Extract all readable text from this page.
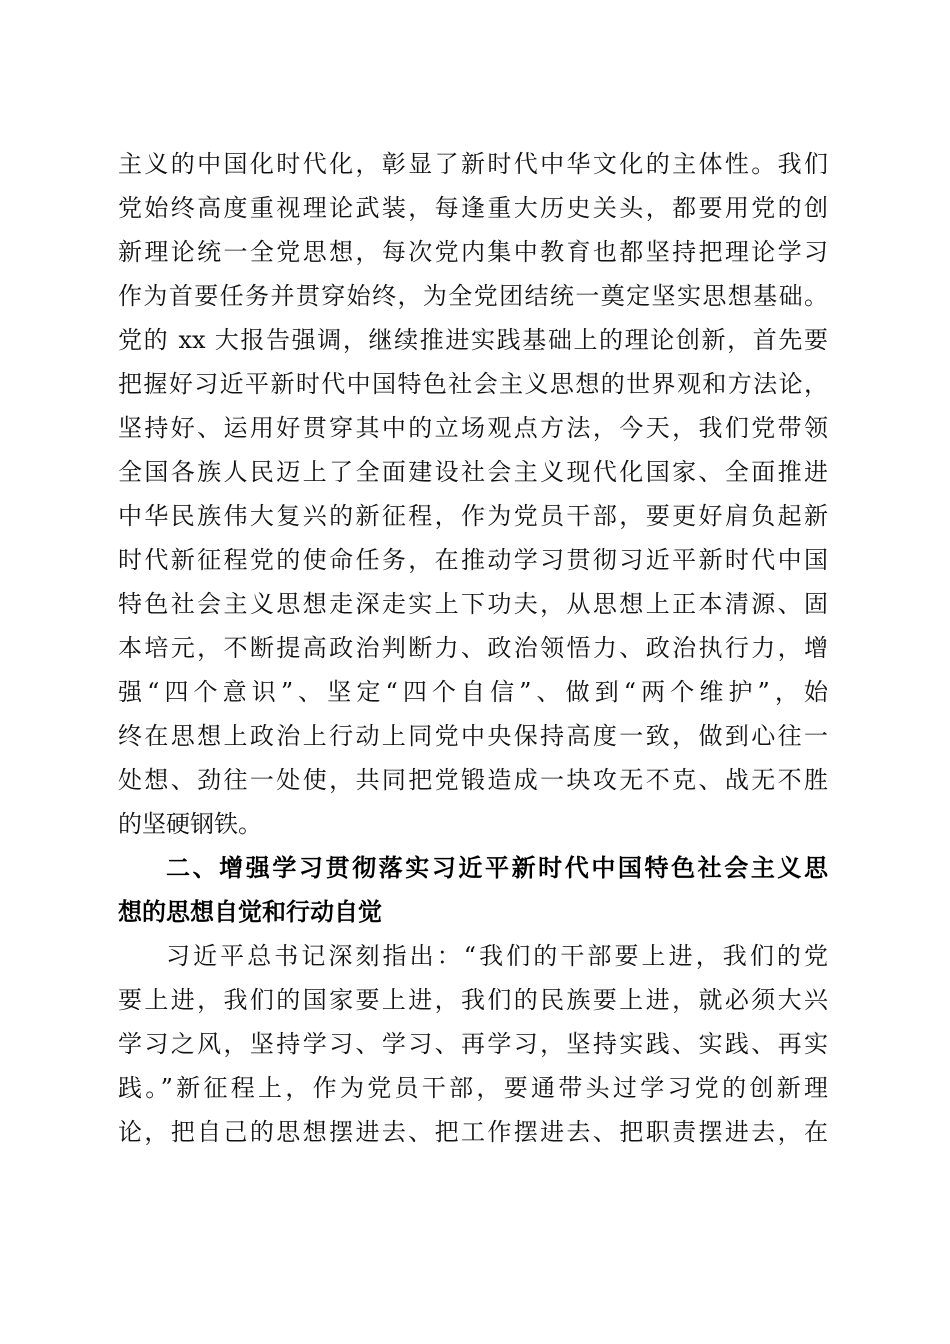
主义的中国化时代化，彰显了新时代中华文化的主体性。我们
党始终高度重视理论武装，每逢重大历史关头，都要用党的创
新理论统一全党思想，每次党内集中教育也都坚持把理论学习
作为首要任务并贯穿始终，为全党团结统一奠定坚实思想基础。
党的 xx 大报告强调，继续推进实践基础上的理论创新，首先要
把握好习近平新时代中国特色社会主义思想的世界观和方法论，
坚持好、运用好贯穿其中的立场观点方法，今天，我们党带领
全国各族人民迈上了全面建设社会主义现代化国家、全面推进
中华民族伟大复兴的新征程，作为党员干部，要更好肩负起新
时代新征程党的使命任务，在推动学习贯彻习近平新时代中国
特色社会主义思想走深走实上下功夫，从思想上正本清源、固
本培元，不断提高政治判断力、政治领悟力、政治执行力，增
强“四个意识”、坚定“四个自信”、做到“两个维护”，始
终在思想上政治上行动上同党中央保持高度一致，做到心往一
处想、劲往一处使，共同把党锻造成一块攻无不克、战无不胜
的坚硬钢铁。
二、增强学习贯彻落实习近平新时代中国特色社会主义思
想的思想自觉和行动自觉
习近平总书记深刻指出：“我们的干部要上进，我们的党
要上进，我们的国家要上进，我们的民族要上进，就必须大兴
学习之风，坚持学习、学习、再学习，坚持实践、实践、再实
践。”新征程上，作为党员干部，要通带头过学习党的创新理
论，把自己的思想摆进去、把工作摆进去、把职责摆进去，在
